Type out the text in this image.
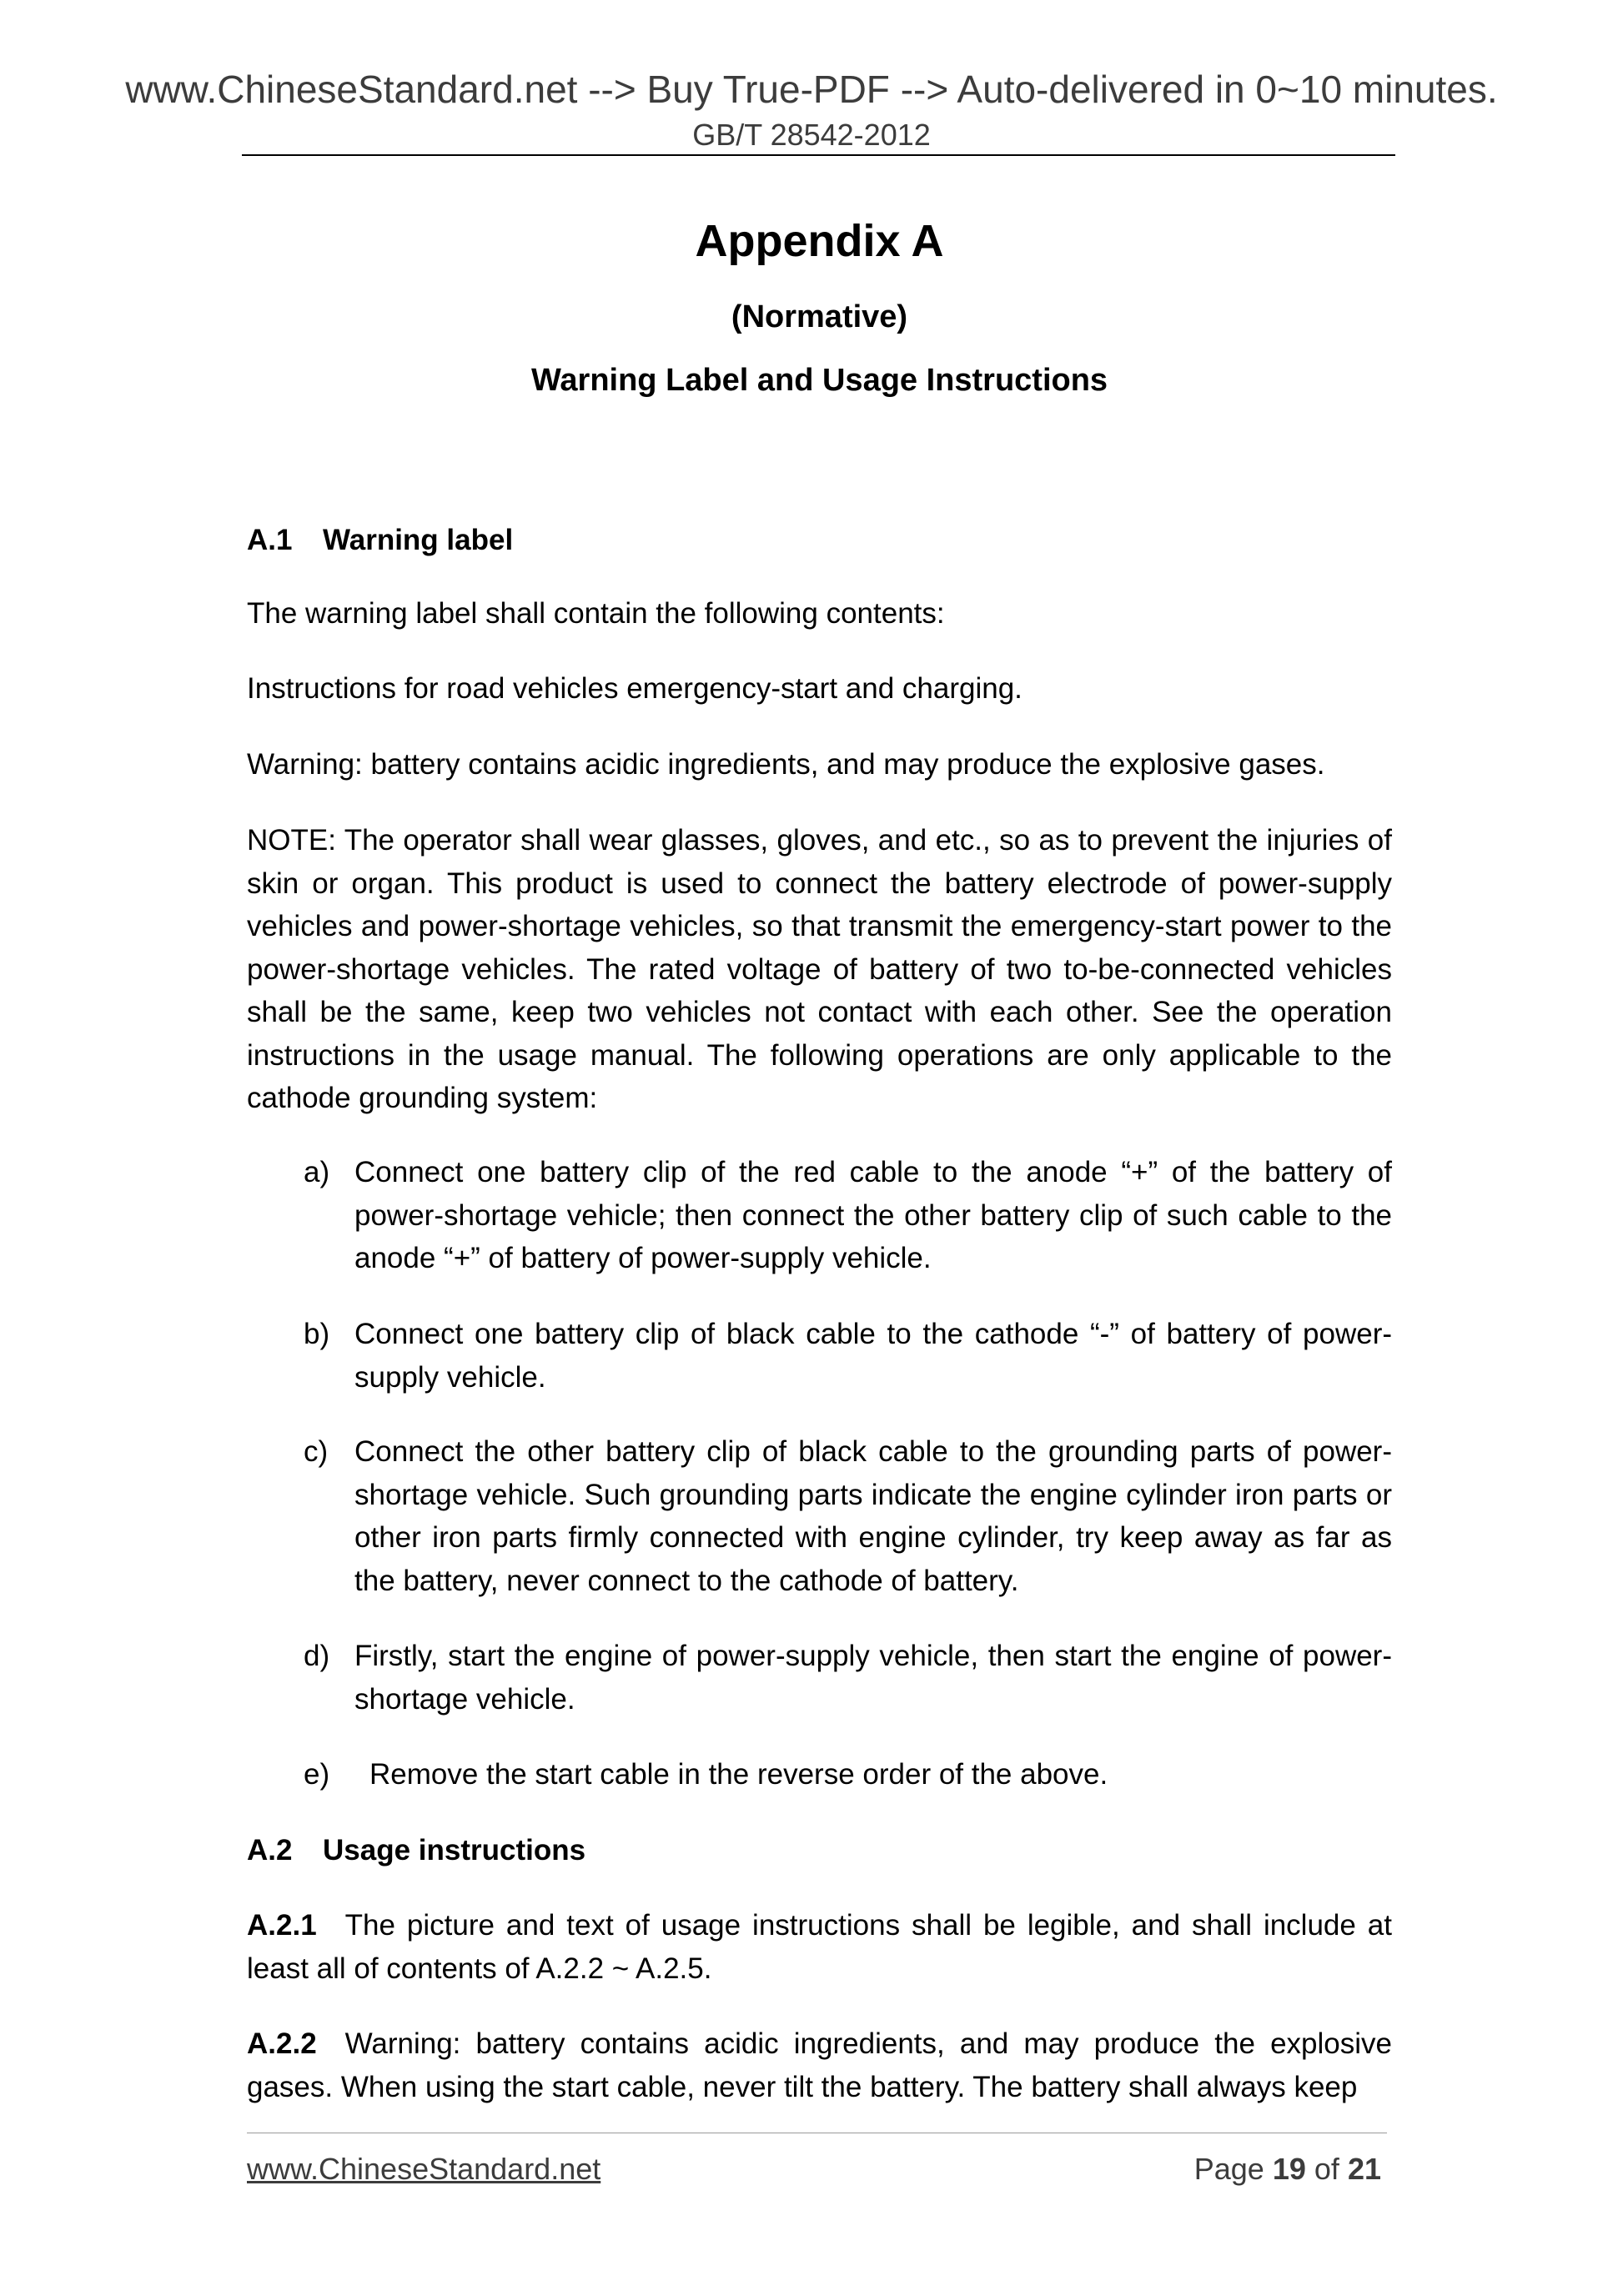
www.ChineseStandard.net --> Buy True-PDF --> Auto-delivered in 0~10 minutes.
GB/T 28542-2012
Appendix A
(Normative)
Warning Label and Usage Instructions
A.1 Warning label
The warning label shall contain the following contents:
Instructions for road vehicles emergency-start and charging.
Warning: battery contains acidic ingredients, and may produce the explosive gases.
NOTE: The operator shall wear glasses, gloves, and etc., so as to prevent the injuries of skin or organ. This product is used to connect the battery electrode of power-supply vehicles and power-shortage vehicles, so that transmit the emergency-start power to the power-shortage vehicles. The rated voltage of battery of two to-be-connected vehicles shall be the same, keep two vehicles not contact with each other. See the operation instructions in the usage manual. The following operations are only applicable to the cathode grounding system:
a) Connect one battery clip of the red cable to the anode “+” of the battery of power-shortage vehicle; then connect the other battery clip of such cable to the anode “+” of battery of power-supply vehicle.
b) Connect one battery clip of black cable to the cathode “-” of battery of power-supply vehicle.
c) Connect the other battery clip of black cable to the grounding parts of power-shortage vehicle. Such grounding parts indicate the engine cylinder iron parts or other iron parts firmly connected with engine cylinder, try keep away as far as the battery, never connect to the cathode of battery.
d) Firstly, start the engine of power-supply vehicle, then start the engine of power-shortage vehicle.
e) Remove the start cable in the reverse order of the above.
A.2 Usage instructions
A.2.1 The picture and text of usage instructions shall be legible, and shall include at least all of contents of A.2.2 ~ A.2.5.
A.2.2 Warning: battery contains acidic ingredients, and may produce the explosive gases. When using the start cable, never tilt the battery. The battery shall always keep
www.ChineseStandard.net	Page 19 of 21
